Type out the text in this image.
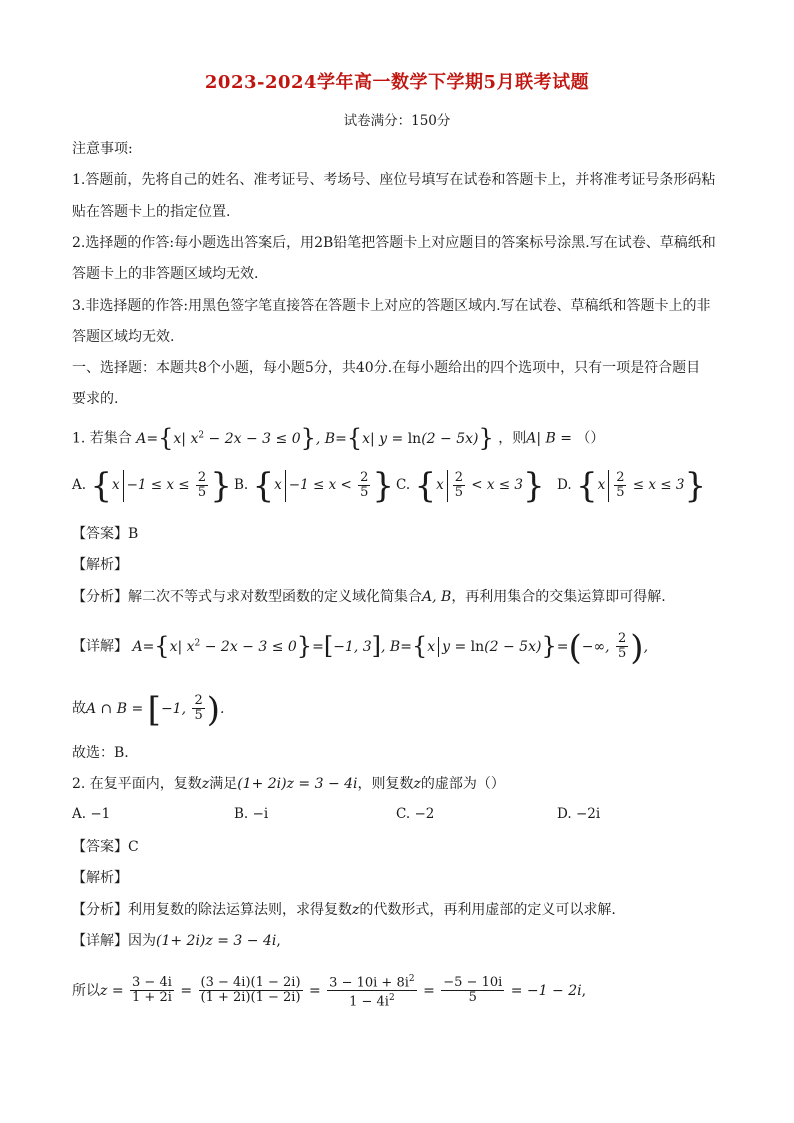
2023-2024学年高一数学下学期5月联考试题
试卷满分：150分
注意事项:
1.答题前，先将自己的姓名、准考证号、考场号、座位号填写在试卷和答题卡上，并将准考证号条形码粘
贴在答题卡上的指定位置.
2.选择题的作答:每小题选出答案后，用2B铅笔把答题卡上对应题目的答案标号涂黑.写在试卷、草稿纸和
答题卡上的非答题区域均无效.
3.非选择题的作答:用黑色签字笔直接答在答题卡上对应的答题区域内.写在试卷、草稿纸和答题卡上的非
答题区域均无效.
一、选择题：本题共8个小题，每小题5分，共40分.在每小题给出的四个选项中，只有一项是符合题目
要求的.
1. 若集合 A={x| $x^2 - 2x - 3 \le 0$}, B={x| y = ln(2 − 5x)} ，则A| B = （）
A. {$x -1 \le x \le \frac{2}{5}$ } B. {$x -1 \le x < \frac{2}{5}$ } C. $\{x \frac{2}{5} < x \le 3\}$ D. $\{x \frac{2}{5} \le x \le 3\}$
【答案】B
【解析】
【分析】解二次不等式与求对数型函数的定义域化简集合A, B，再利用集合的交集运算即可得解.
【详解】 A={x| $x^2 - 2x - 3 \le 0\}=[-1$, 3], B={x y = ln(2 − 5x)}=(−∞, $\frac{2}{5}$ ),
故A ∩ B = [−1, $\frac{2}{5}$ ).
故选：B.
2. 在复平面内，复数z满足(1+ 2i)z = 3 − 4i，则复数z的虚部为（）
A. −1	B. −i	C. −2	D. −2i
【答案】C
【解析】
【分析】利用复数的除法运算法则，求得复数z的代数形式，再利用虚部的定义可以求解.
【详解】因为(1+ 2i)z = 3 − 4i,
所以$z = \frac{3 - 4i}{1 + 2i} = \frac{(3 - 4i)(1 - 2i)}{(1 + 2i)(1 - 2i)} = \frac{3 - 10i + 8i^2}{1 - 4i^2} = \frac{-5 - 10i}{5} = -1 - 2i$,
